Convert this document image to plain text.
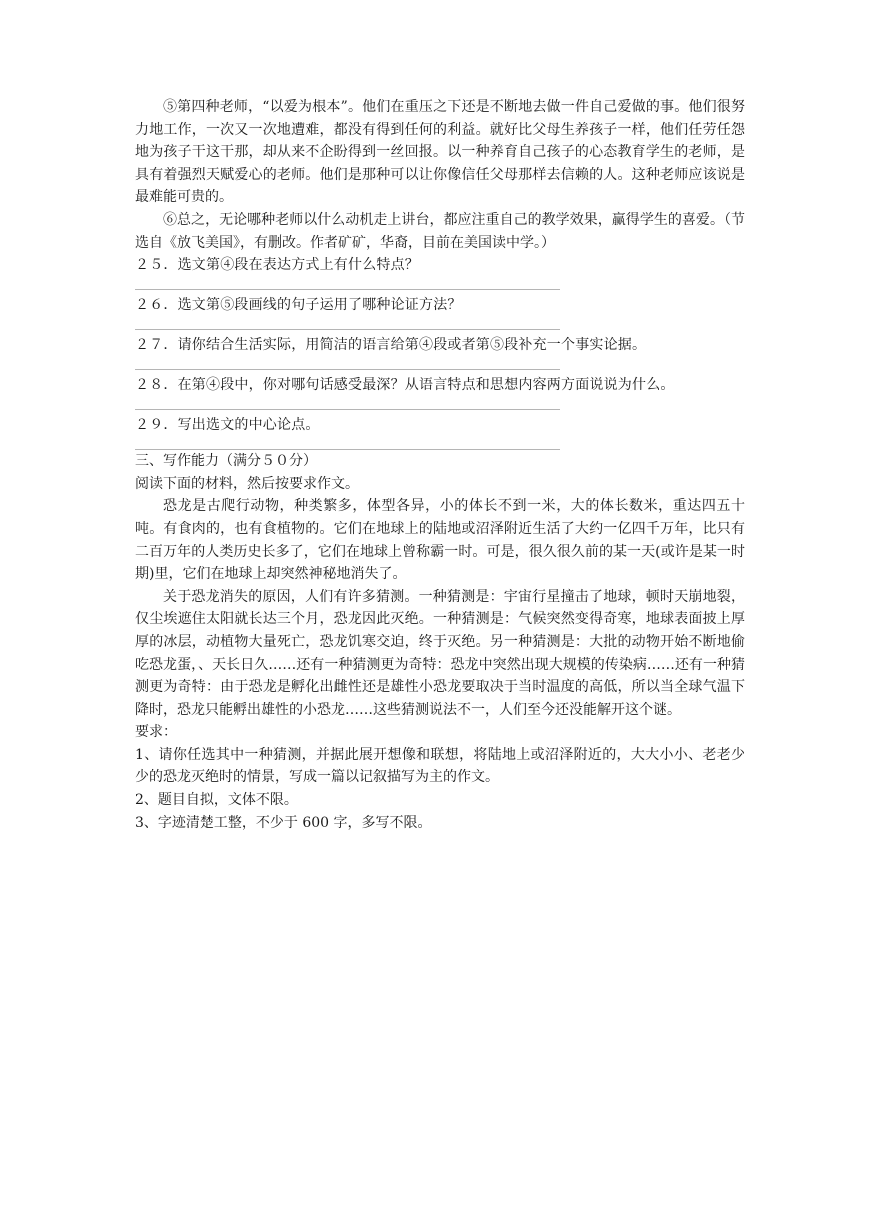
⑤第四种老师，“以爱为根本”。他们在重压之下还是不断地去做一件自己爱做的事。他们很努力地工作，一次又一次地遭难，都没有得到任何的利益。就好比父母生养孩子一样，他们任劳任怨地为孩子干这干那，却从来不企盼得到一丝回报。以一种养育自己孩子的心态教育学生的老师，是具有着强烈天赋爱心的老师。他们是那种可以让你像信任父母那样去信赖的人。这种老师应该说是最难能可贵的。

⑥总之，无论哪种老师以什么动机走上讲台，都应注重自己的教学效果，赢得学生的喜爱。（节选自《放飞美国》，有删改。作者矿矿，华裔，目前在美国读中学。）

２５．选文第④段在表达方式上有什么特点？

２６．选文第⑤段画线的句子运用了哪种论证方法？

２７．请你结合生活实际，用简洁的语言给第④段或者第⑤段补充一个事实论据。

２８．在第④段中，你对哪句话感受最深？从语言特点和思想内容两方面说说为什么。

２９．写出选文的中心论点。

三、写作能力（满分５０分）

阅读下面的材料，然后按要求作文。

恐龙是古爬行动物，种类繁多，体型各异，小的体长不到一米，大的体长数米，重达四五十吨。有食肉的，也有食植物的。它们在地球上的陆地或沼泽附近生活了大约一亿四千万年，比只有二百万年的人类历史长多了，它们在地球上曾称霸一时。可是，很久很久前的某一天(或许是某一时期)里，它们在地球上却突然神秘地消失了。

关于恐龙消失的原因，人们有许多猜测。一种猜测是：宇宙行星撞击了地球，顿时天崩地裂，仅尘埃遮住太阳就长达三个月，恐龙因此灭绝。一种猜测是：气候突然变得奇寒，地球表面披上厚厚的冰层，动植物大量死亡，恐龙饥寒交迫，终于灭绝。另一种猜测是：大批的动物开始不断地偷吃恐龙蛋，、天长日久……还有一种猜测更为奇特：恐龙中突然出现大规模的传染病……还有一种猜测更为奇特：由于恐龙是孵化出雌性还是雄性小恐龙要取决于当时温度的高低，所以当全球气温下降时，恐龙只能孵出雄性的小恐龙……这些猜测说法不一，人们至今还没能解开这个谜。

要求：

1、请你任选其中一种猜测，并据此展开想像和联想，将陆地上或沼泽附近的，大大小小、老老少少的恐龙灭绝时的情景，写成一篇以记叙描写为主的作文。

2、题目自拟，文体不限。

3、字迹清楚工整，不少于 600 字，多写不限。
